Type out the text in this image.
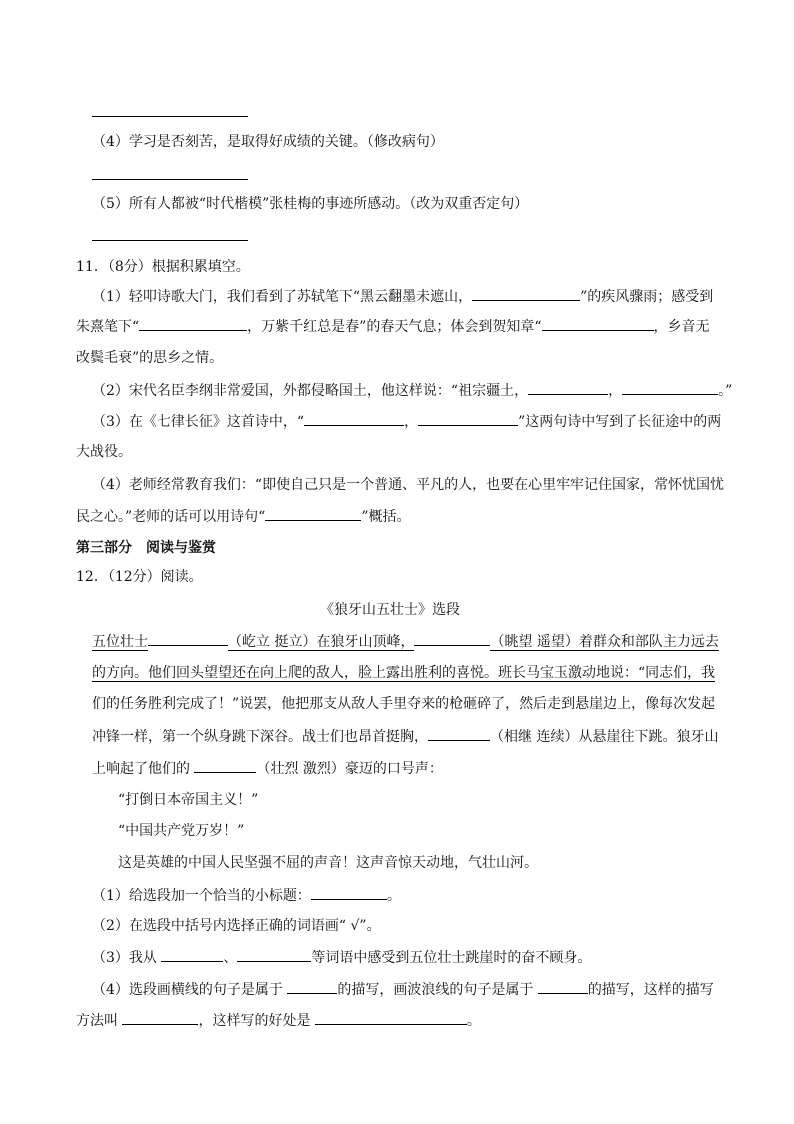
（4）学习是否刻苦，是取得好成绩的关键。（修改病句）
（5）所有人都被“时代楷模”张桂梅的事迹所感动。（改为双重否定句）
11．（8分）根据积累填空。
（1）轻叩诗歌大门，我们看到了苏轼笔下“黑云翻墨未遮山，	”的疾风骤雨；感受到
朱熹笔下“	，万紫千红总是春”的春天气息；体会到贺知章“	，乡音无
改鬓毛衰”的思乡之情。
（2）宋代名臣李纲非常爱国，外都侵略国土，他这样说：“祖宗疆土，	，	。”
（3）在《七律长征》这首诗中，“	，	”这两句诗中写到了长征途中的两
大战役。
（4）老师经常教育我们：“即使自己只是一个普通、平凡的人，也要在心里牢牢记住国家，常怀忧国忧
民之心。”老师的话可以用诗句“	”概括。
第三部分　阅读与鉴赏
12．（12分）阅读。
《狼牙山五壮士》选段
五位壮士	（屹立 挺立）在狼牙山顶峰，	（眺望 遥望）着群众和部队主力远去
的方向。他们回头望望还在向上爬的敌人，脸上露出胜利的喜悦。班长马宝玉激动地说：“同志们，我
们的任务胜利完成了！”说罢，他把那支从敌人手里夺来的枪砸碎了，然后走到悬崖边上，像每次发起
冲锋一样，第一个纵身跳下深谷。战士们也昂首挺胸，	（相继 连续）从悬崖往下跳。狼牙山
上响起了他们的	（壮烈 激烈）豪迈的口号声：
“打倒日本帝国主义！”
“中国共产党万岁！”
这是英雄的中国人民坚强不屈的声音！这声音惊天动地，气壮山河。
（1）给选段加一个恰当的小标题：	。
（2）在选段中括号内选择正确的词语画“ √”。
（3）我从	、	等词语中感受到五位壮士跳崖时的奋不顾身。
（4）选段画横线的句子是属于	的描写，画波浪线的句子是属于	的描写，这样的描写
方法叫	，这样写的好处是	。
